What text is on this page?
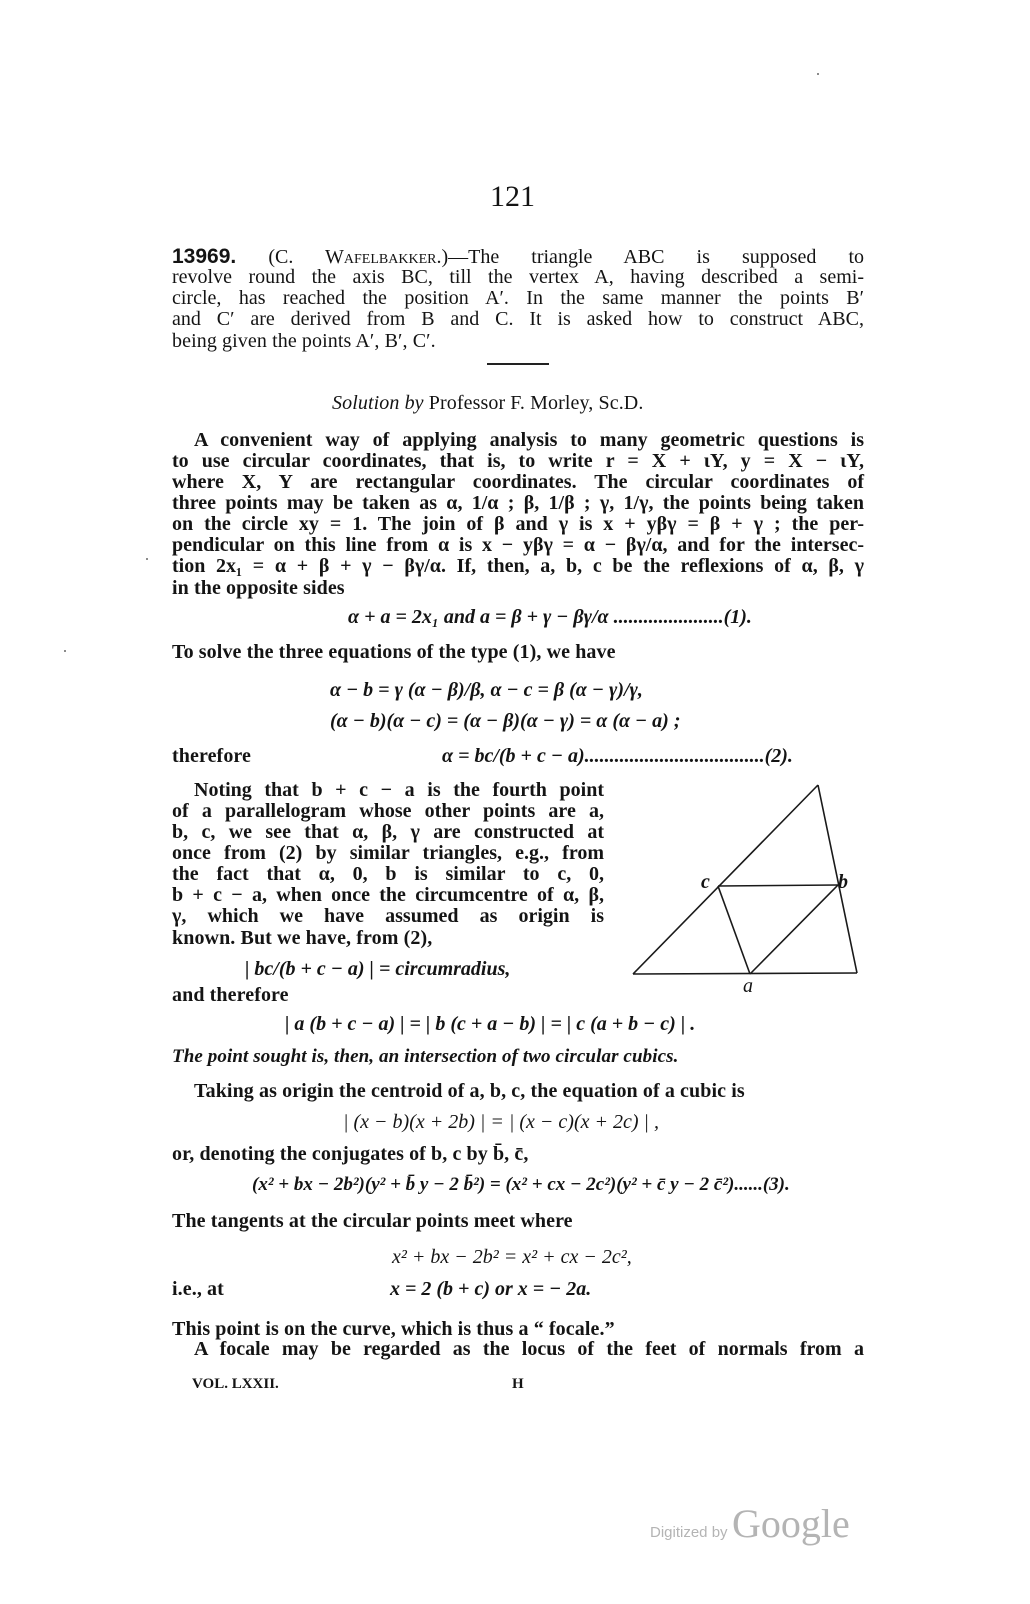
121
13969. (C. Wafelbakker.)—The triangle ABC is supposed to
revolve round the axis BC, till the vertex A, having described a semi-
circle, has reached the position A′. In the same manner the points B′
and C′ are derived from B and C. It is asked how to construct ABC,
being given the points A′, B′, C′.
Solution by Professor F. Morley, Sc.D.
A convenient way of applying analysis to many geometric questions is
to use circular coordinates, that is, to write r = X + ιY, y = X − ιY,
where X, Y are rectangular coordinates. The circular coordinates of
three points may be taken as α, 1/α ; β, 1/β ; γ, 1/γ, the points being taken
on the circle xy = 1. The join of β and γ is x + yβγ = β + γ ; the per-
pendicular on this line from α is x − yβγ = α − βγ/α, and for the intersec-
tion 2x₁ = α + β + γ − βγ/α. If, then, a, b, c be the reflexions of α, β, γ
in the opposite sides
α + a = 2x₁ and a = β + γ − βγ/α ......................(1).
To solve the three equations of the type (1), we have
α − b = γ (α − β)/β, α − c = β (α − γ)/γ,
(α − b)(α − c) = (α − β)(α − γ) = α (α − a) ;
therefore	α = bc/(b + c − a)....................................(2).
Noting that b + c − a is the fourth point
of a parallelogram whose other points are a,
b, c, we see that α, β, γ are constructed at
once from (2) by similar triangles, e.g., from
the fact that α, 0, b is similar to c, 0,
b + c − a, when once the circumcentre of α, β,
γ, which we have assumed as origin is
known. But we have, from (2),
| bc/(b + c − a) | = circumradius,
and therefore
| a (b + c − a) | = | b (c + a − b) | = | c (a + b − c) | .
c	b
a
The point sought is, then, an intersection of two circular cubics.
Taking as origin the centroid of a, b, c, the equation of a cubic is
| (x − b)(x + 2b) | = | (x − c)(x + 2c) | ,
or, denoting the conjugates of b, c by b̄, c̄,
(x² + bx − 2b²)(y² + b̄ y − 2 b̄²) = (x² + cx − 2c²)(y² + c̄ y − 2 c̄²)......(3).
The tangents at the circular points meet where
x² + bx − 2b² = x² + cx − 2c²,
i.e., at	x = 2 (b + c) or x = − 2a.
This point is on the curve, which is thus a “ focale.”
A focale may be regarded as the locus of the feet of normals from a
VOL. LXXII.	H
Digitized by Google
